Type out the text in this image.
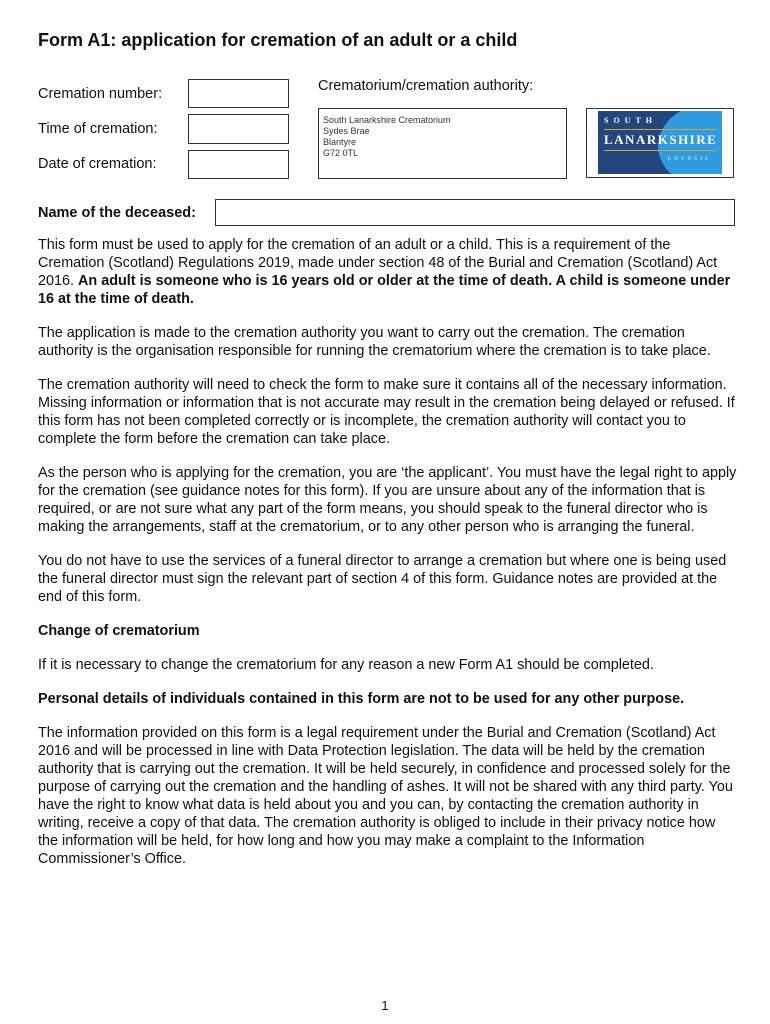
Form A1: application for cremation of an adult or a child
Cremation number:
Time of cremation:
Date of cremation:
Crematorium/cremation authority:
South Lanarkshire Crematorium
Sydes Brae
Blantyre
G72 0TL
SOUTH
LANARKSHIRE
COUNCIL
Name of the deceased:

This form must be used to apply for the cremation of an adult or a child. This is a requirement of the Cremation (Scotland) Regulations 2019, made under section 48 of the Burial and Cremation (Scotland) Act 2016. An adult is someone who is 16 years old or older at the time of death. A child is someone under 16 at the time of death.

The application is made to the cremation authority you want to carry out the cremation. The cremation authority is the organisation responsible for running the crematorium where the cremation is to take place.

The cremation authority will need to check the form to make sure it contains all of the necessary information. Missing information or information that is not accurate may result in the cremation being delayed or refused. If this form has not been completed correctly or is incomplete, the cremation authority will contact you to complete the form before the cremation can take place.

As the person who is applying for the cremation, you are ‘the applicant’. You must have the legal right to apply for the cremation (see guidance notes for this form). If you are unsure about any of the information that is required, or are not sure what any part of the form means, you should speak to the funeral director who is making the arrangements, staff at the crematorium, or to any other person who is arranging the funeral.

You do not have to use the services of a funeral director to arrange a cremation but where one is being used the funeral director must sign the relevant part of section 4 of this form. Guidance notes are provided at the end of this form.

Change of crematorium

If it is necessary to change the crematorium for any reason a new Form A1 should be completed.

Personal details of individuals contained in this form are not to be used for any other purpose.

The information provided on this form is a legal requirement under the Burial and Cremation (Scotland) Act 2016 and will be processed in line with Data Protection legislation. The data will be held by the cremation authority that is carrying out the cremation. It will be held securely, in confidence and processed solely for the purpose of carrying out the cremation and the handling of ashes. It will not be shared with any third party. You have the right to know what data is held about you and you can, by contacting the cremation authority in writing, receive a copy of that data. The cremation authority is obliged to include in their privacy notice how the information will be held, for how long and how you may make a complaint to the Information Commissioner’s Office.

1
